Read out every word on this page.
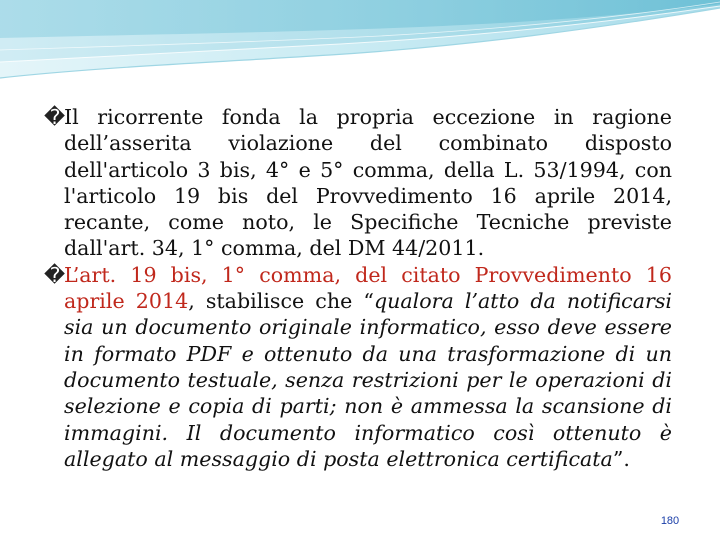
�
Il ricorrente fonda la propria eccezione in ragione dell’asserita violazione del combinato disposto dell'articolo 3 bis, 4° e 5° comma, della L. 53/1994, con l'articolo 19 bis del Provvedimento 16 aprile 2014, recante, come noto, le Specifiche Tecniche previste dall'art. 34, 1° comma, del DM 44/2011.

�
L’art. 19 bis, 1° comma, del citato Provvedimento 16 aprile 2014, stabilisce che “qualora l’atto da notificarsi sia un documento originale informatico, esso deve essere in formato PDF e ottenuto da una trasformazione di un documento testuale, senza restrizioni per le operazioni di selezione e copia di parti; non è ammessa la scansione di immagini. Il documento informatico così ottenuto è allegato al messaggio di posta elettronica certificata”.

180
